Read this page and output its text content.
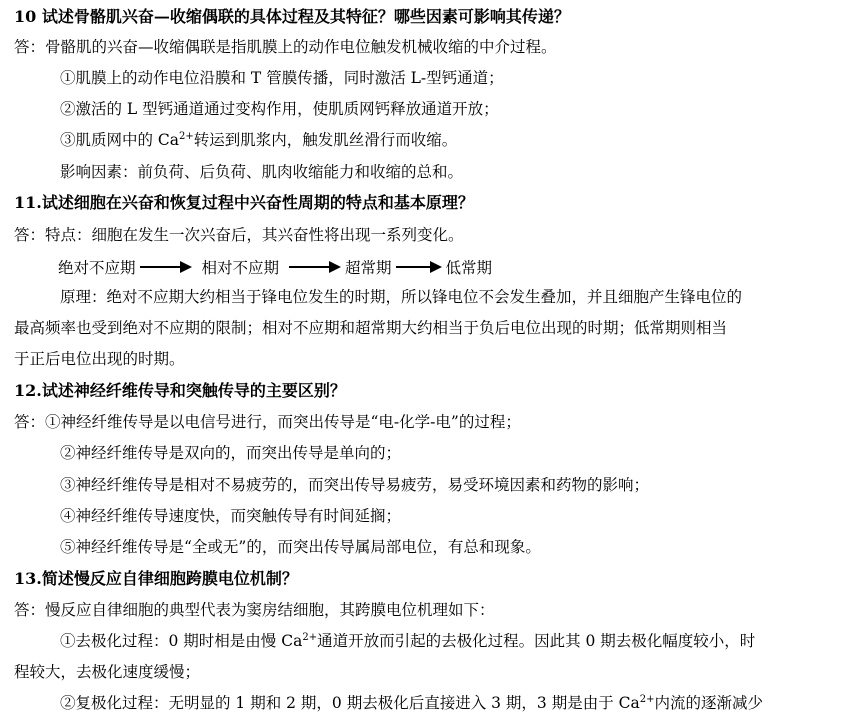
10 试述骨骼肌兴奋—收缩偶联的具体过程及其特征？哪些因素可影响其传递？
答：骨骼肌的兴奋—收缩偶联是指肌膜上的动作电位触发机械收缩的中介过程。
①肌膜上的动作电位沿膜和 T 管膜传播，同时激活 L-型钙通道；
②激活的 L 型钙通道通过变构作用，使肌质网钙释放通道开放；
③肌质网中的 $Ca^{2+}$转运到肌浆内，触发肌丝滑行而收缩。
影响因素：前负荷、后负荷、肌肉收缩能力和收缩的总和。
11.试述细胞在兴奋和恢复过程中兴奋性周期的特点和基本原理？
答：特点：细胞在发生一次兴奋后，其兴奋性将出现一系列变化。
绝对不应期	相对不应期	超常期	低常期
原理：绝对不应期大约相当于锋电位发生的时期，所以锋电位不会发生叠加，并且细胞产生锋电位的
最高频率也受到绝对不应期的限制；相对不应期和超常期大约相当于负后电位出现的时期；低常期则相当
于正后电位出现的时期。
12.试述神经纤维传导和突触传导的主要区别？
答：①神经纤维传导是以电信号进行，而突出传导是“电-化学-电”的过程；
②神经纤维传导是双向的，而突出传导是单向的；
③神经纤维传导是相对不易疲劳的，而突出传导易疲劳，易受环境因素和药物的影响；
④神经纤维传导速度快，而突触传导有时间延搁；
⑤神经纤维传导是“全或无”的，而突出传导属局部电位，有总和现象。
13.简述慢反应自律细胞跨膜电位机制？
答：慢反应自律细胞的典型代表为窦房结细胞，其跨膜电位机理如下：
①去极化过程：0 期时相是由慢 $Ca^{2+}$通道开放而引起的去极化过程。因此其 0 期去极化幅度较小，时
程较大，去极化速度缓慢；
②复极化过程：无明显的 1 期和 2 期，0 期去极化后直接进入 3 期，3 期是由于 $Ca^{2+}$内流的逐渐减少
